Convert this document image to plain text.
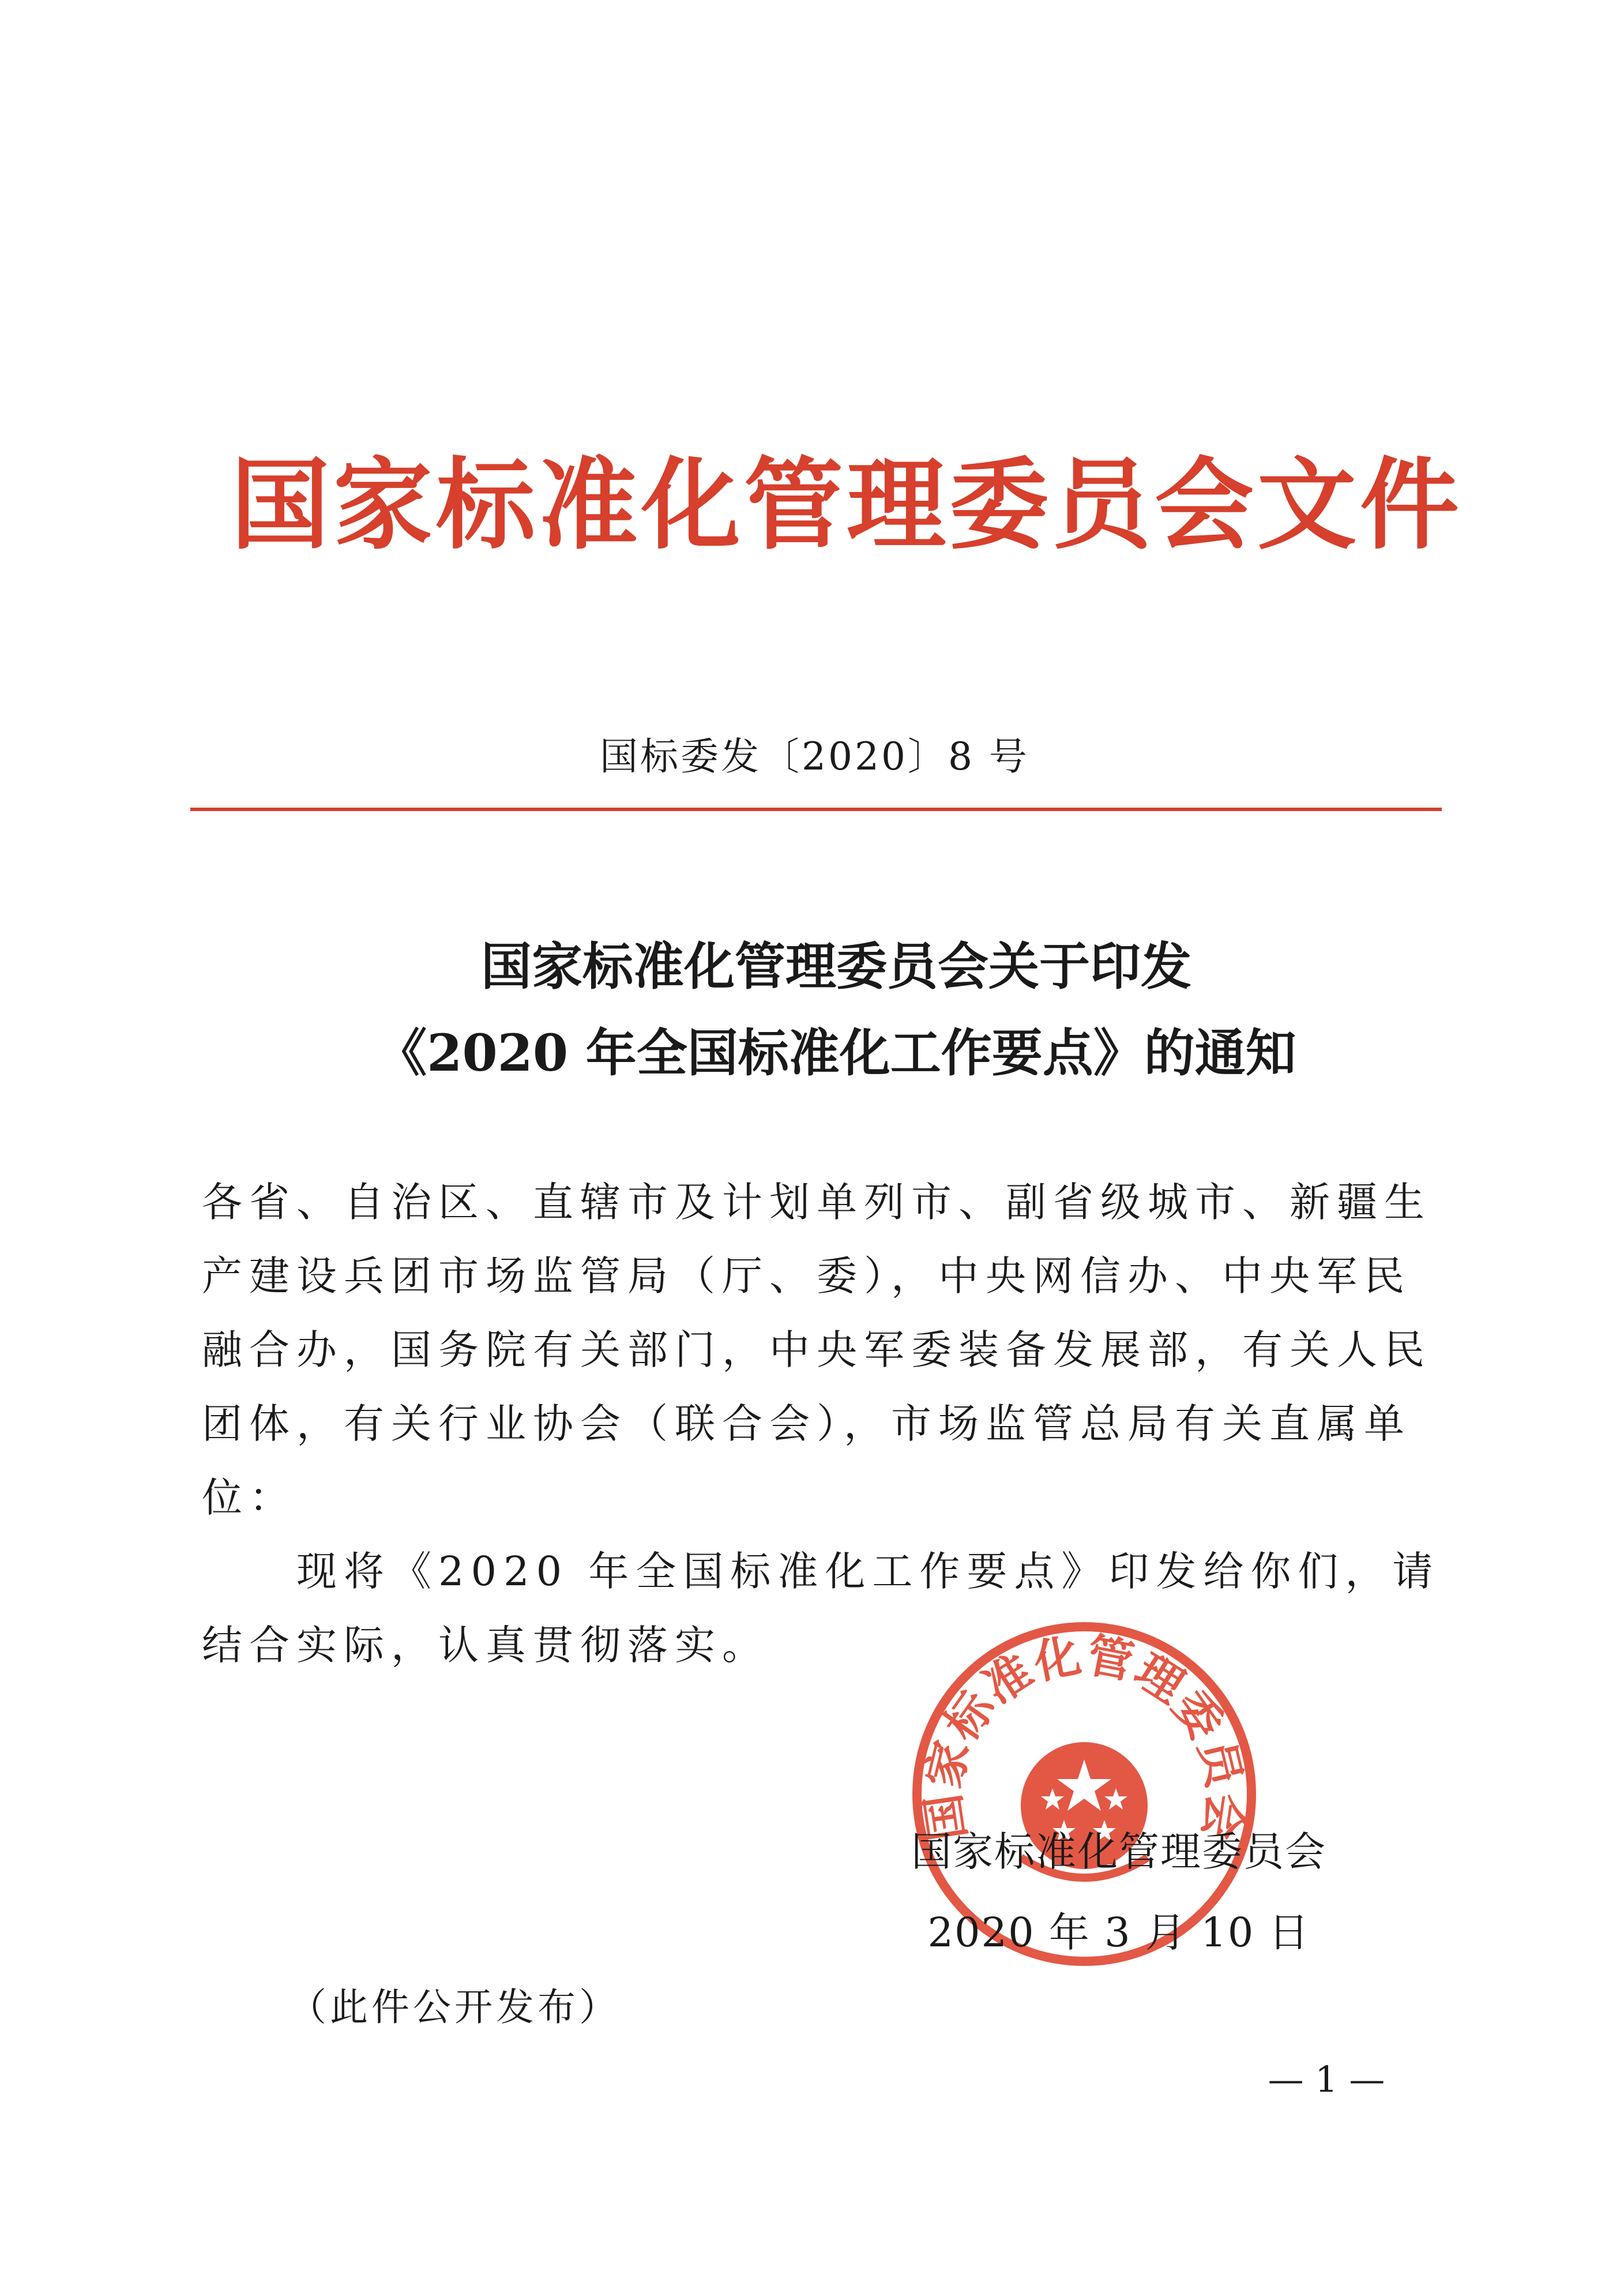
国家标准化管理委员会文件
国标委发〔2020〕8 号
国家标准化管理委员会关于印发
《2020 年全国标准化工作要点》的通知

各省、自治区、直辖市及计划单列市、副省级城市、新疆生产建设兵团市场监管局（厅、委），中央网信办、中央军民融合办，国务院有关部门，中央军委装备发展部，有关人民团体，有关行业协会（联合会），市场监管总局有关直属单位：

现将《2020 年全国标准化工作要点》印发给你们，请结合实际，认真贯彻落实。

国家标准化管理委员会
国家标准化管理委员会
2020 年 3 月 10 日
（此件公开发布）
— 1 —
